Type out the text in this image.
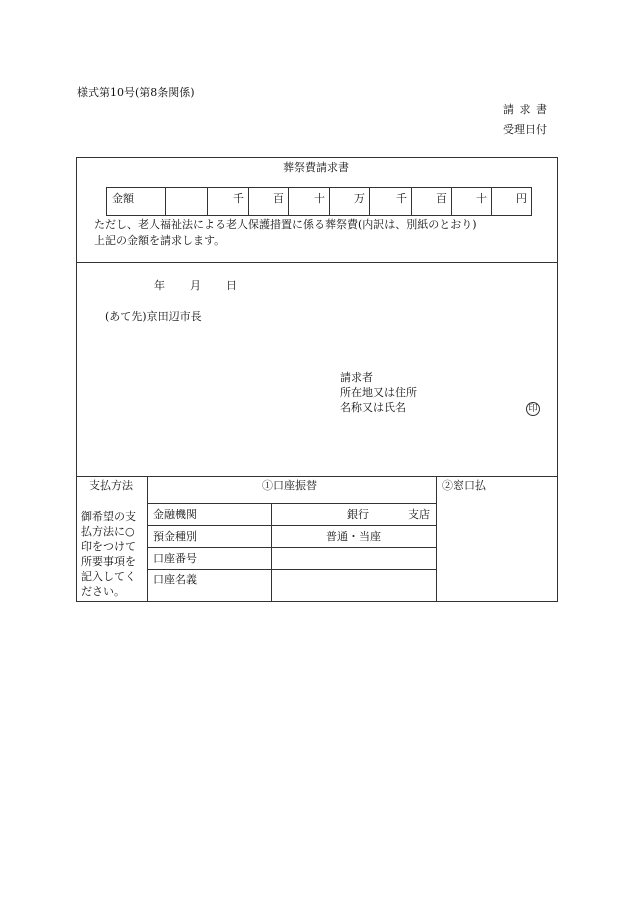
様式第10号(第8条関係)
請 求 書
受理日付
葬祭費請求書
金額	千	百	十	万	千	百	十	円
ただし、老人福祉法による老人保護措置に係る葬祭費(内訳は、別紙のとおり)
上記の金額を請求します。
年 月 日
(あて先)京田辺市長
請求者
所在地又は住所
名称又は氏名	印
支払方法
御希望の支
払方法に○
印をつけて
所要事項を
記入してく
ださい。
①口座振替	②窓口払
金融機関	銀行	支店
預金種別	普通・当座
口座番号
口座名義
